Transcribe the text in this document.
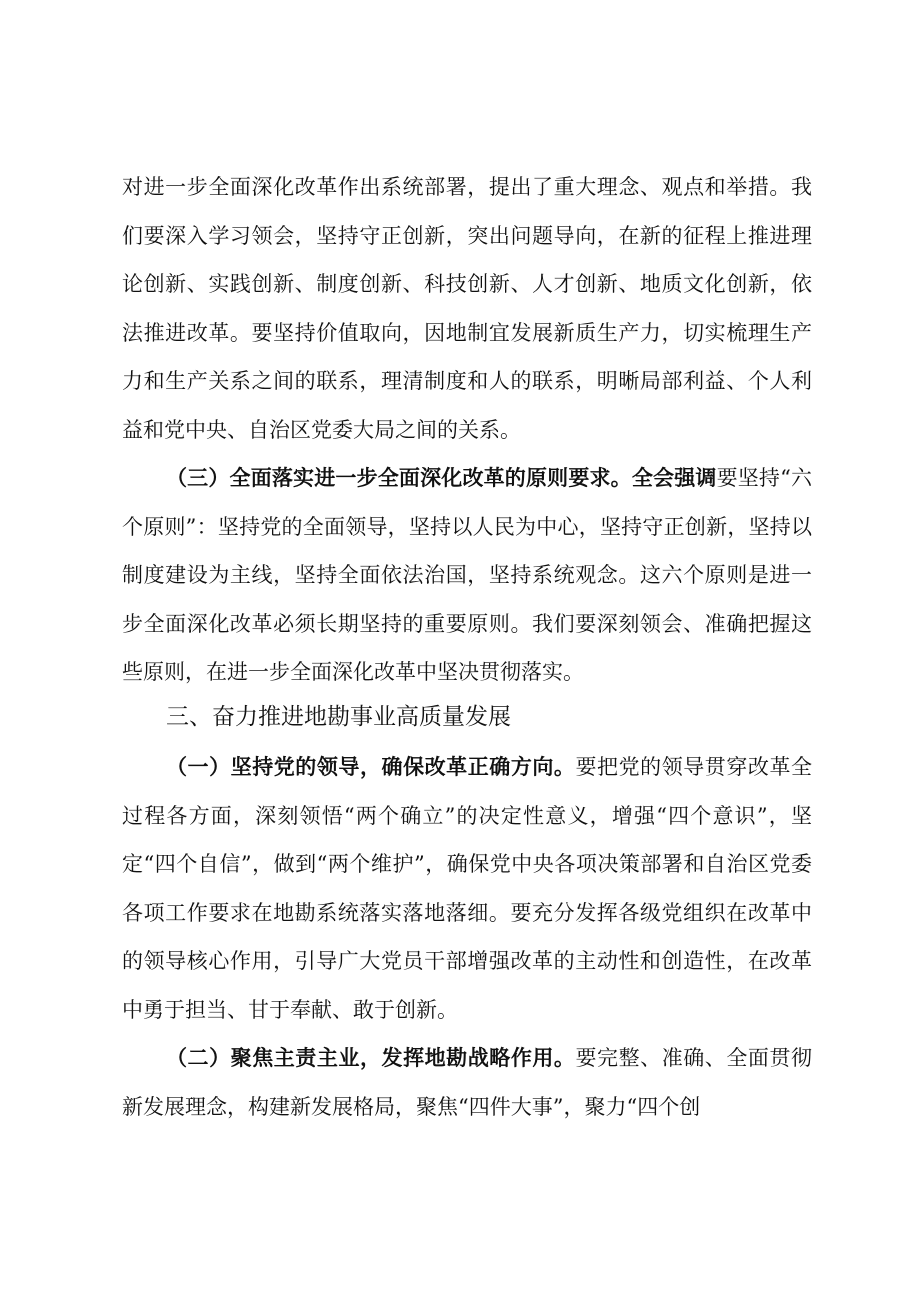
对进一步全面深化改革作出系统部署，提出了重大理念、观点和举措。我们要深入学习领会，坚持守正创新，突出问题导向，在新的征程上推进理论创新、实践创新、制度创新、科技创新、人才创新、地质文化创新，依法推进改革。要坚持价值取向，因地制宜发展新质生产力，切实梳理生产力和生产关系之间的联系，理清制度和人的联系，明晰局部利益、个人利益和党中央、自治区党委大局之间的关系。

（三）全面落实进一步全面深化改革的原则要求。全会强调要坚持“六个原则”：坚持党的全面领导，坚持以人民为中心，坚持守正创新，坚持以制度建设为主线，坚持全面依法治国，坚持系统观念。这六个原则是进一步全面深化改革必须长期坚持的重要原则。我们要深刻领会、准确把握这些原则，在进一步全面深化改革中坚决贯彻落实。

三、奋力推进地勘事业高质量发展

（一）坚持党的领导，确保改革正确方向。要把党的领导贯穿改革全过程各方面，深刻领悟“两个确立”的决定性意义，增强“四个意识”，坚定“四个自信”，做到“两个维护”，确保党中央各项决策部署和自治区党委各项工作要求在地勘系统落实落地落细。要充分发挥各级党组织在改革中的领导核心作用，引导广大党员干部增强改革的主动性和创造性，在改革中勇于担当、甘于奉献、敢于创新。

（二）聚焦主责主业，发挥地勘战略作用。要完整、准确、全面贯彻新发展理念，构建新发展格局，聚焦“四件大事”，聚力“四个创
